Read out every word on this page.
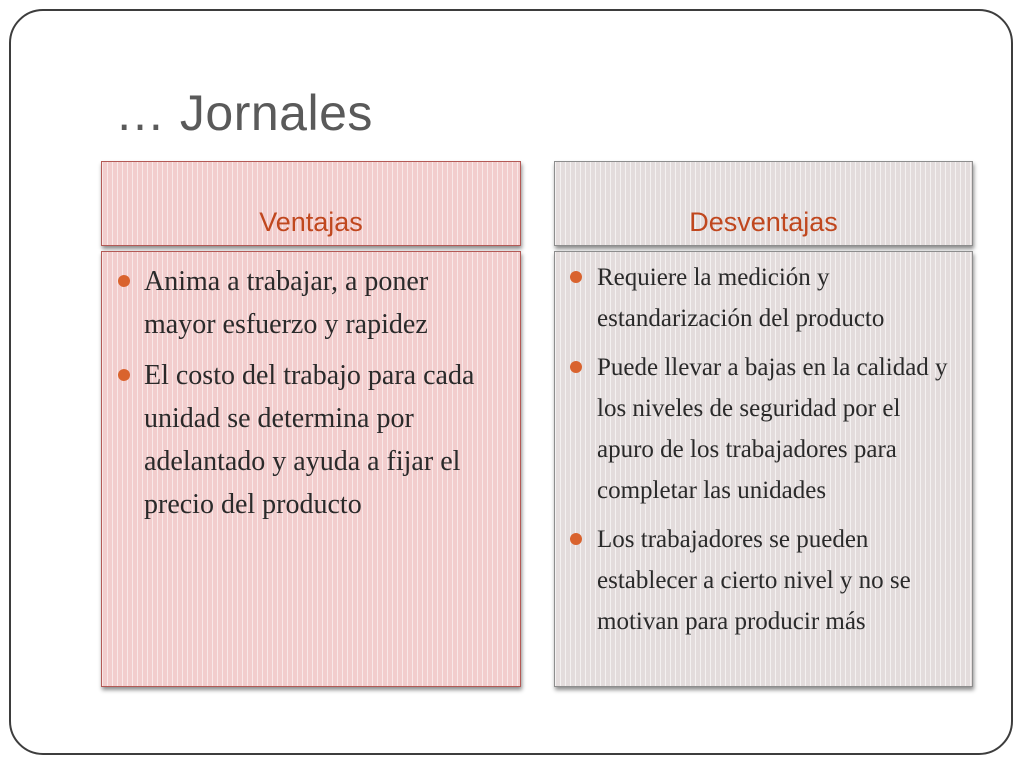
… Jornales
Ventajas	Desventajas
Anima a trabajar, a poner mayor esfuerzo y rapidez
El costo del trabajo para cada unidad se determina por adelantado y ayuda a fijar el precio del producto
Requiere la medición y estandarización del producto
Puede llevar a bajas en la calidad y los niveles de seguridad por el apuro de los trabajadores para completar las unidades
Los trabajadores se pueden establecer a cierto nivel y no se motivan para producir más
